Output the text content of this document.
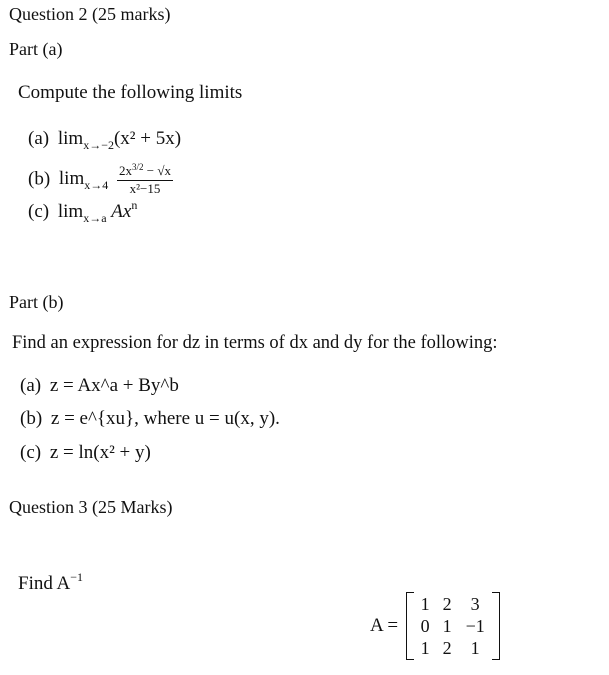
Question 2 (25 marks)
Part (a)
Compute the following limits
(a) $\lim_{x\to-2}(x^2 + 5x)$
(b) $\lim_{x\to 4} \frac{2x^{3/2} - √x}{\text{x²−15}}$
(c) $\lim_{x\to a} Ax^n$
Part (b)
Find an expression for dz in terms of dx and dy for the following:
(a) z = Ax^a + By^b
(b) z = e^{xu}, where u = u(x, y).
(c) z = ln(x² + y)
Question 3 (25 Marks)
Find $A^{-1}$
A =
1 2	3
0 1 −1
1 2	1
